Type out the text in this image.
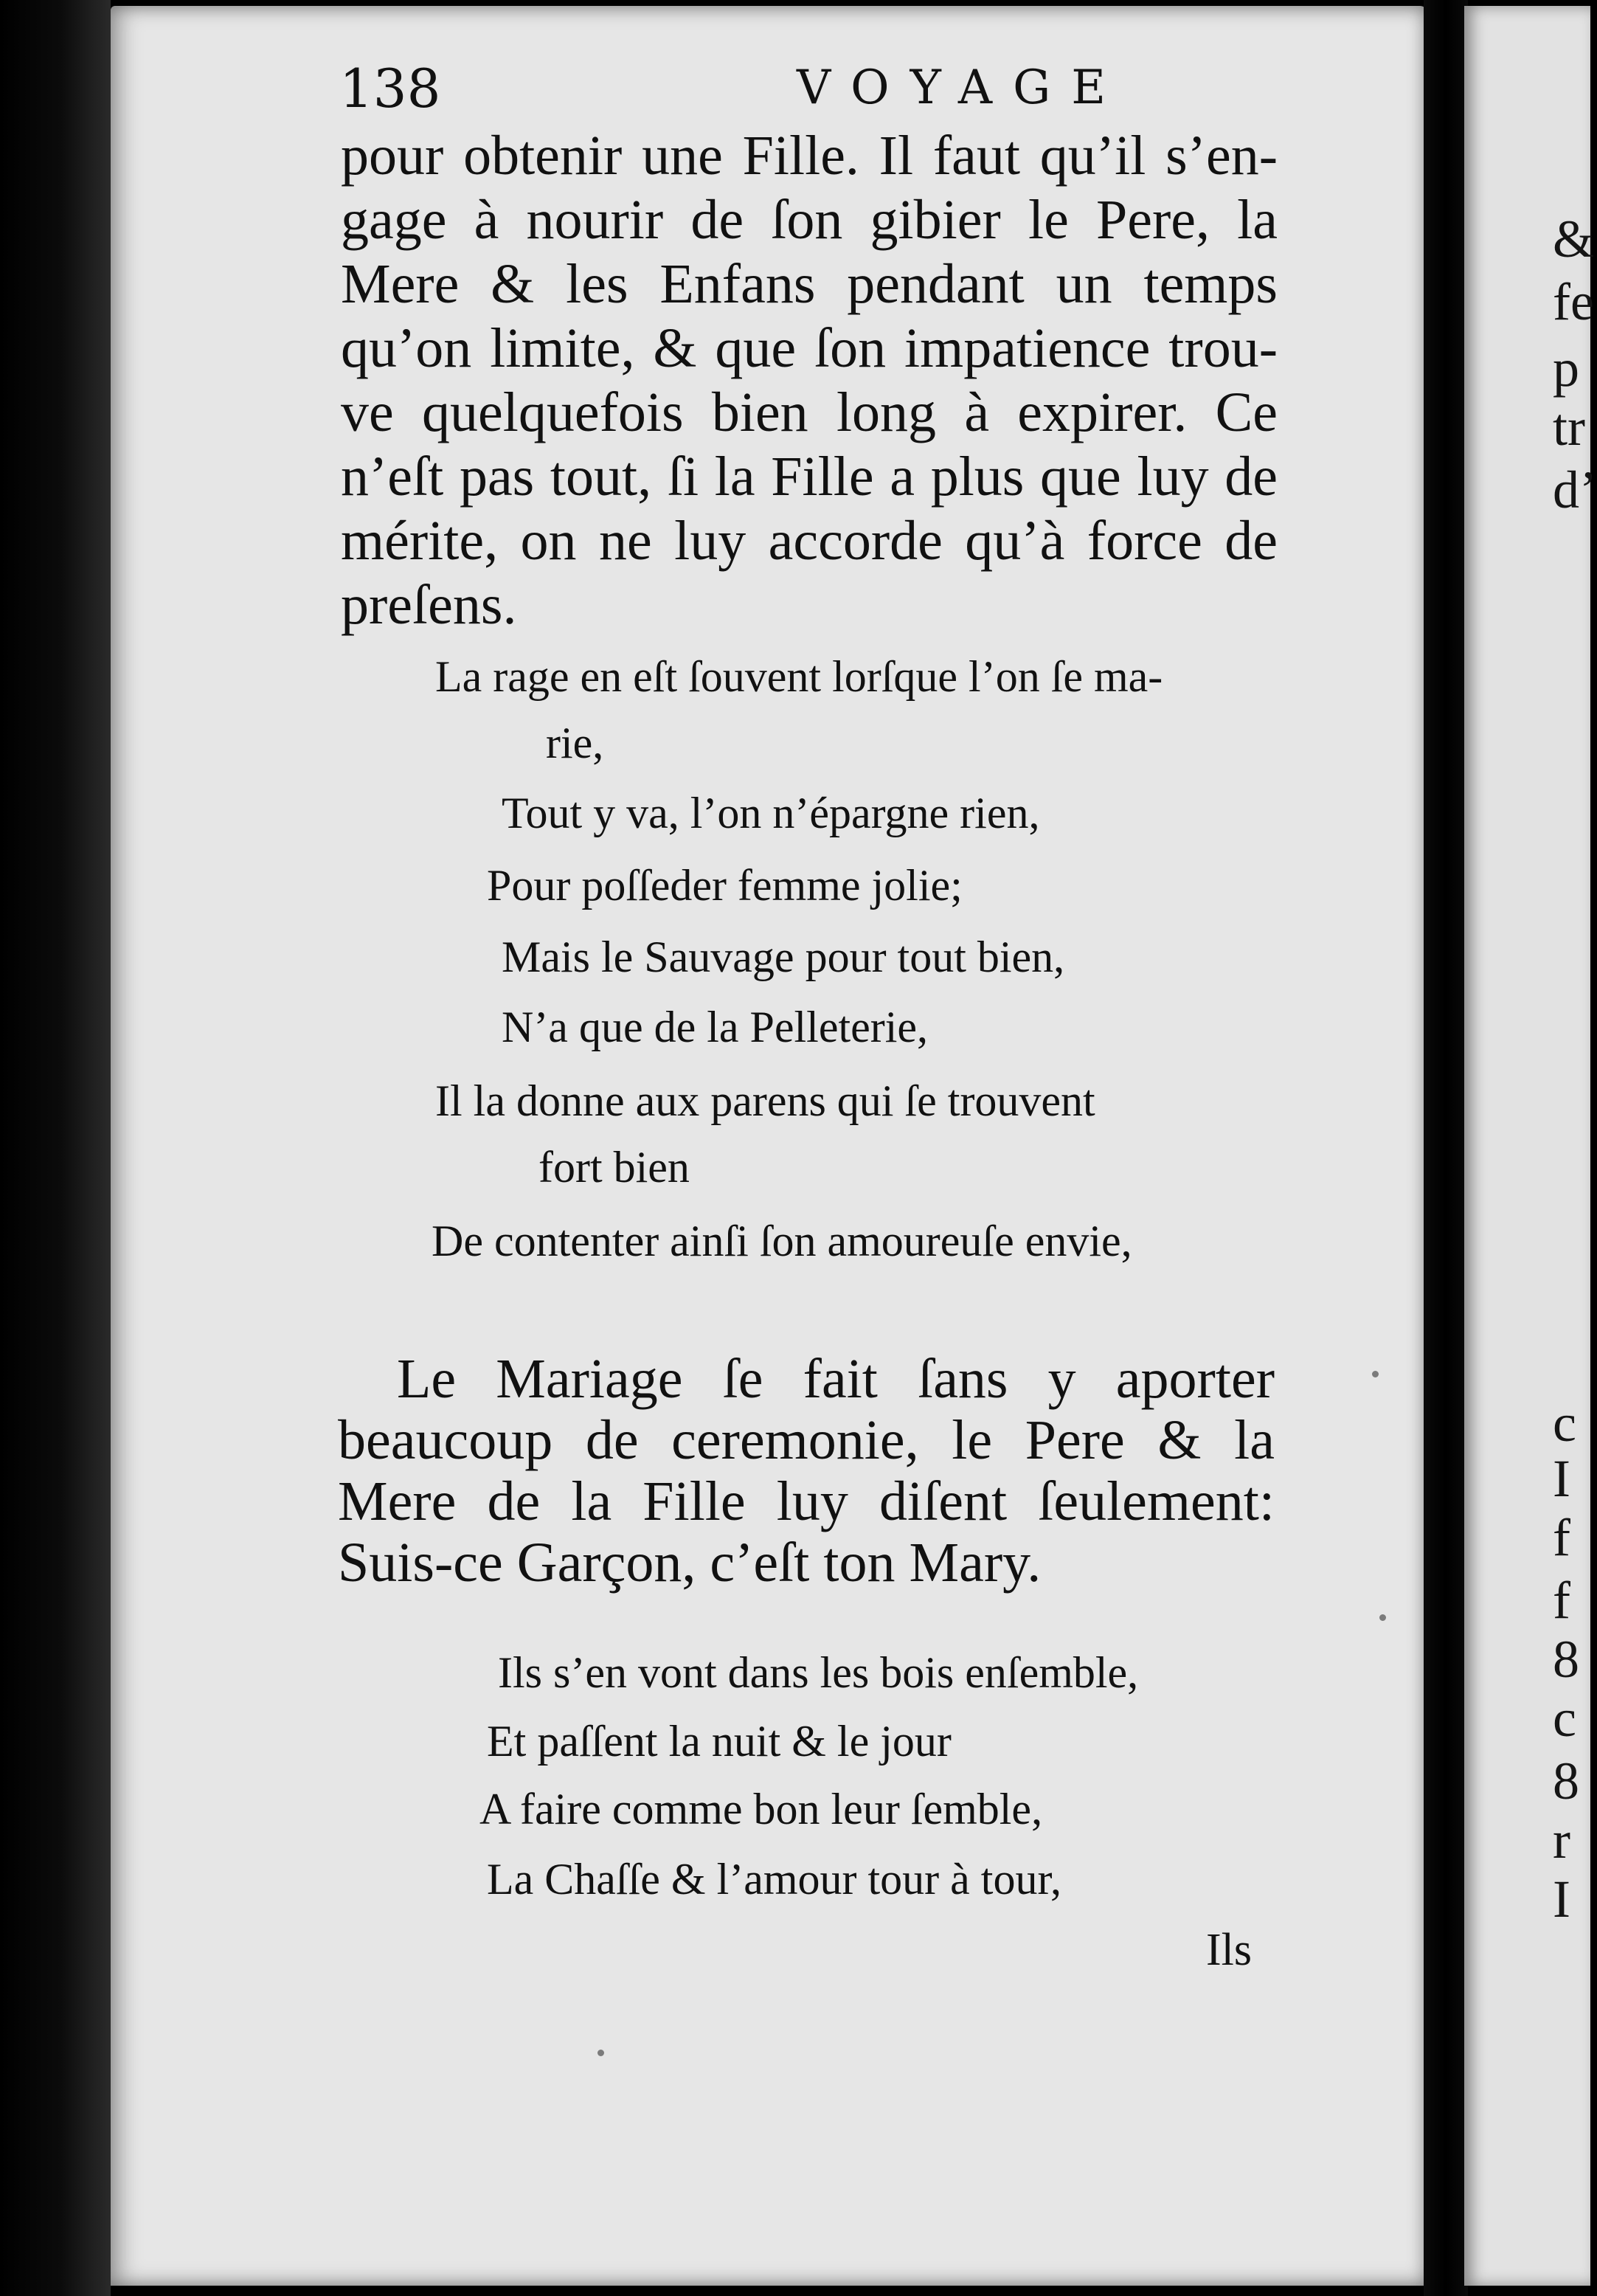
138	VOYAGE
pour obtenir une Fille. Il faut qu’il s’en-
gage à nourir de ſon gibier le Pere, la
Mere & les Enfans pendant un temps
qu’on limite, & que ſon impatience trou-
ve quelquefois bien long à expirer. Ce
n’eſt pas tout, ſi la Fille a plus que luy de
mérite, on ne luy accorde qu’à force de
preſens.
La rage en eſt ſouvent lorſque l’on ſe ma-
rie,
Tout y va, l’on n’épargne rien,
Pour poſſeder femme jolie;
Mais le Sauvage pour tout bien,
N’a que de la Pelleterie,
Il la donne aux parens qui ſe trouvent
fort bien
De contenter ainſi ſon amoureuſe envie,
Le Mariage ſe fait ſans y aporter
beaucoup de ceremonie, le Pere & la
Mere de la Fille luy diſent ſeulement:
Suis-ce Garçon, c’eſt ton Mary.
Ils s’en vont dans les bois enſemble,
Et paſſent la nuit & le jour
A faire comme bon leur ſemble,
La Chaſſe & l’amour tour à tour,
Ils
&
fe
p
tr
d’
c
I
f
f
8
c
8
r
I
